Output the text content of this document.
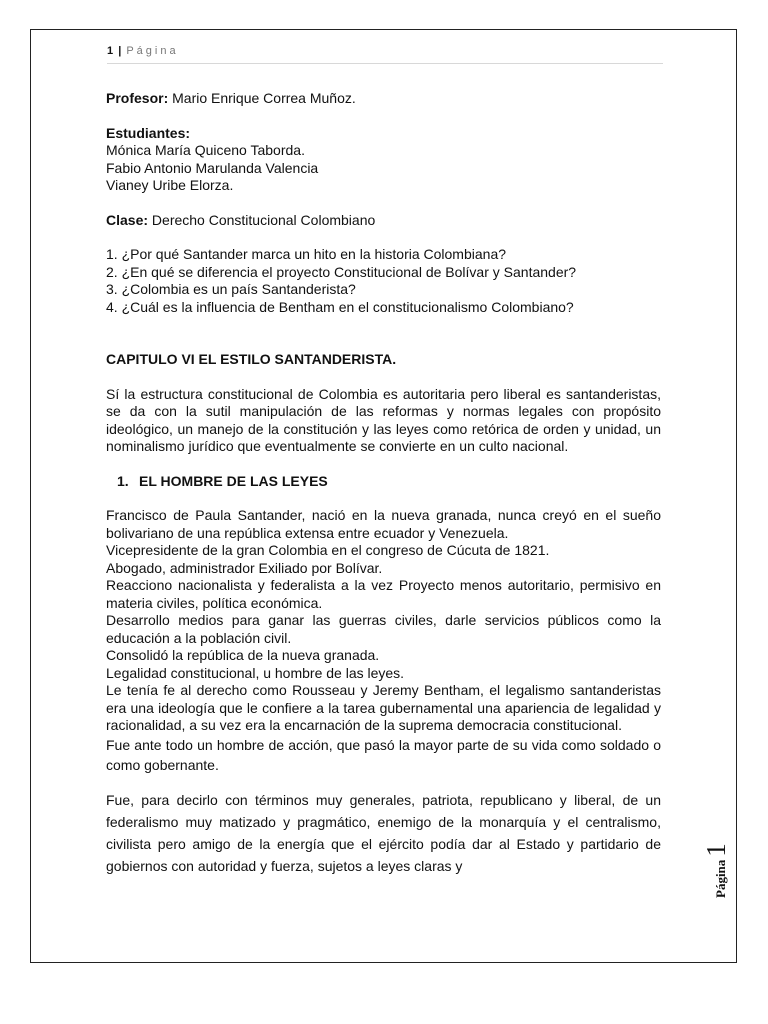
1 | Página

Profesor: Mario Enrique Correa Muñoz.

Estudiantes:

Mónica María Quiceno Taborda.

Fabio Antonio Marulanda Valencia

Vianey Uribe Elorza.

Clase: Derecho Constitucional Colombiano

1. ¿Por qué Santander marca un hito en la historia Colombiana?

2. ¿En qué se diferencia el proyecto Constitucional de Bolívar y Santander?

3. ¿Colombia es un país Santanderista?

4. ¿Cuál es la influencia de Bentham en el constitucionalismo Colombiano?

CAPITULO VI EL ESTILO SANTANDERISTA.

Sí la estructura constitucional de Colombia es autoritaria pero liberal es santanderistas, se da con la sutil manipulación de las reformas y normas legales con propósito ideológico, un manejo de la constitución y las leyes como retórica de orden y unidad, un nominalismo jurídico que eventualmente se convierte en un culto nacional.

1. EL HOMBRE DE LAS LEYES

Francisco de Paula Santander, nació en la nueva granada, nunca creyó en el sueño bolivariano de una república extensa entre ecuador y Venezuela.

Vicepresidente de la gran Colombia en el congreso de Cúcuta de 1821.

Abogado, administrador Exiliado por Bolívar.

Reacciono nacionalista y federalista a la vez Proyecto menos autoritario, permisivo en materia civiles, política económica.

Desarrollo medios para ganar las guerras civiles, darle servicios públicos como la educación a la población civil.

Consolidó la república de la nueva granada.

Legalidad constitucional, u hombre de las leyes.

Le tenía fe al derecho como Rousseau y Jeremy Bentham, el legalismo santanderistas era una ideología que le confiere a la tarea gubernamental una apariencia de legalidad y racionalidad, a su vez era la encarnación de la suprema democracia constitucional.

Fue ante todo un hombre de acción, que pasó la mayor parte de su vida como soldado o como gobernante.

Fue, para decirlo con términos muy generales, patriota, republicano y liberal, de un federalismo muy matizado y pragmático, enemigo de la monarquía y el centralismo, civilista pero amigo de la energía que el ejército podía dar al Estado y partidario de gobiernos con autoridad y fuerza, sujetos a leyes claras y	Página1
